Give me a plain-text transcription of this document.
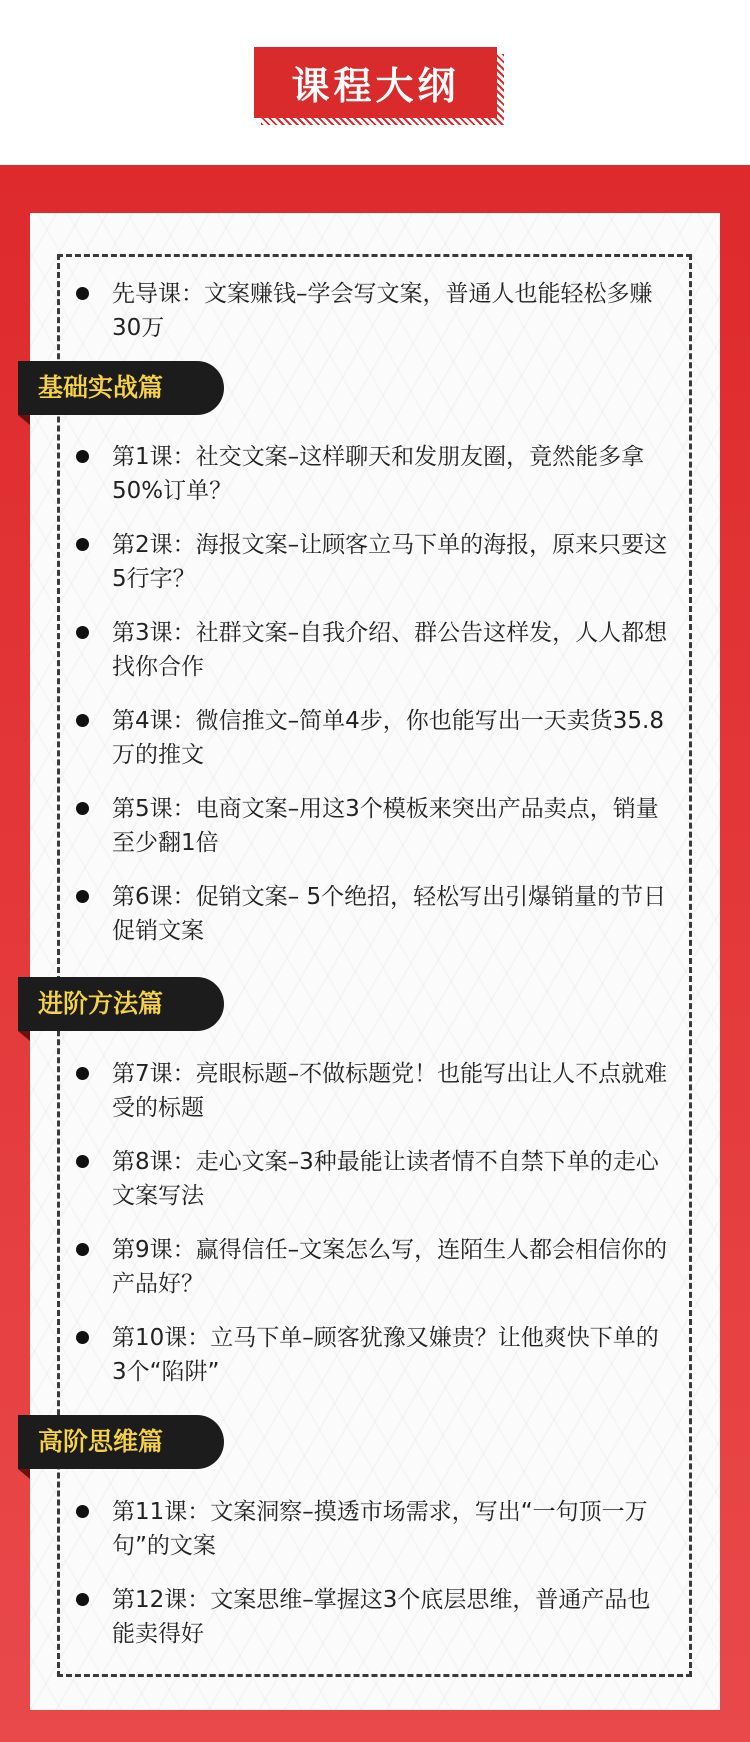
课程大纲
先导课：文案赚钱–学会写文案，普通人也能轻松多赚30万
基础实战篇
第1课：社交文案–这样聊天和发朋友圈，竟然能多拿50%订单？
第2课：海报文案–让顾客立马下单的海报，原来只要这5行字？
第3课：社群文案–自我介绍、群公告这样发，人人都想找你合作
第4课：微信推文–简单4步，你也能写出一天卖货35.8万的推文
第5课：电商文案–用这3个模板来突出产品卖点，销量至少翻1倍
第6课：促销文案– 5个绝招，轻松写出引爆销量的节日促销文案
进阶方法篇
第7课：亮眼标题–不做标题党！也能写出让人不点就难受的标题
第8课：走心文案–3种最能让读者情不自禁下单的走心文案写法
第9课：赢得信任–文案怎么写，连陌生人都会相信你的产品好？
第10课：立马下单–顾客犹豫又嫌贵？让他爽快下单的3个“陷阱”
高阶思维篇
第11课：文案洞察–摸透市场需求，写出“一句顶一万句”的文案
第12课：文案思维–掌握这3个底层思维，普通产品也能卖得好
